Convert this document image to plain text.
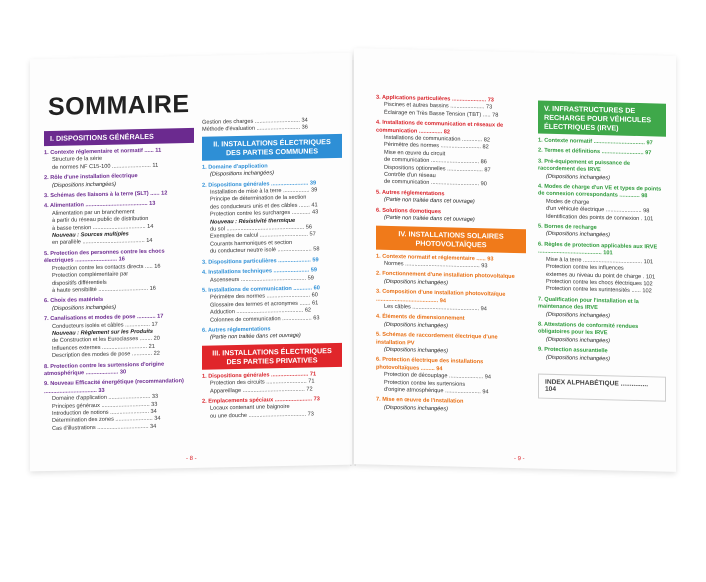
SOMMAIRE
I. DISPOSITIONS GÉNÉRALES
1. Contexte réglementaire et normatif ...... 11
Structure de la série
de normes NF C15-100 ......................... 11
2. Rôle d'une installation électrique
(Dispositions inchangées)
3. Schémas des liaisons à la terre (SLT) ...... 12
4. Alimentation ........................................ 13
Alimentation par un branchement
à partir du réseau public de distribution
à basse tension .................................. 14
Nouveau : Sources multiples
en parallèle ........................................ 14
5. Protection des personnes contre les chocs électriques ........................... 16
Protection contre les contacts directs ..... 16
Protection complémentaire par
dispositifs différentiels
à haute sensibilité ................................ 16
6. Choix des matériels
(Dispositions inchangées)
7. Canalisations et modes de pose ............ 17
Conducteurs isolés et câbles ................ 17
Nouveau : Règlement sur les Produits
de Construction et les Euroclasses ........ 20
Influences externes ............................. 21
Description des modes de pose ............. 22
8. Protection contre les surtensions d'origine atmosphérique ..................... 30
9. Nouveau Efficacité énergétique (recommandation) .................................. 33
Domaine d'application ........................... 33
Principes généraux ............................... 33
Introduction de notions ......................... 34
Détermination des zones ........................ 34
Cas d'illustrations ................................. 34
Gestion des charges ............................. 34
Méthode d'évaluation ............................ 36
II. INSTALLATIONS ÉLECTRIQUES DES PARTIES COMMUNES
1. Domaine d'application
(Dispositions inchangées)
2. Dispositions générales ........................ 39
Installation de mise à la terre ................. 39
Principe de détermination de la section
des conducteurs unis et des câbles ....... 41
Protection contre les surcharges ............ 43
Nouveau : Résistivité thermique
du sol .................................................. 56
Exemples de calcul ............................... 57
Courants harmoniques et section
du conducteur neutre isolé ...................... 58
3. Dispositions particulières ..................... 59
4. Installations techniques ....................... 59
Ascenseurs .......................................... 59
5. Installations de communication ............ 60
Périmètre des normes ............................ 60
Glossaire des termes et acronymes ....... 61
Adduction ........................................... 62
Colonnes de communication ................... 63
6. Autres réglementations
(Partie non traitée dans cet ouvrage)
III. INSTALLATIONS ÉLECTRIQUES DES PARTIES PRIVATIVES
1. Dispositions générales ........................ 71
Protection des circuits .......................... 71
Appareillage ........................................ 72
2. Emplacements spéciaux ........................ 73
Locaux contenant une baignoire
ou une douche ..................................... 73
- 8 -
3. Applications particulières ...................... 73
Piscines et autres bassins ...................... 73
Éclairage en Très Basse Tension (TBT) ..... 78
4. Installations de communication et réseaux de communication ............... 82
Installations de communication ............. 82
Périmètre des normes .......................... 82
Mise en œuvre du circuit
de communication ............................... 86
Dispositions optionnelles ....................... 87
Contrôle d'un réseau
de communication ............................... 90
5. Autres réglementations
(Partie non traitée dans cet ouvrage)
6. Solutions domotiques
(Partie non traitée dans cet ouvrage)
IV. INSTALLATIONS SOLAIRES PHOTOVOLTAÏQUES
1. Contexte normatif et réglementaire ...... 93
Normes ................................................ 93
2. Fonctionnement d'une installation photovoltaïque
(Dispositions inchangées)
3. Composition d'une installation photovoltaïque ........................................ 94
Les câbles ........................................... 94
4. Éléments de dimensionnement
(Dispositions inchangées)
5. Schémas de raccordement électrique d'une installation PV
(Dispositions inchangées)
6. Protection électrique des installations photovoltaïques ......... 94
Protection de découplage ...................... 94
Protection contre les surtensions
d'origine atmosphérique ....................... 94
7. Mise en œuvre de l'installation
(Dispositions inchangées)
V. INFRASTRUCTURES DE RECHARGE POUR VÉHICULES ÉLECTRIQUES (IRVE)
1. Contexte normatif ................................. 97
2. Termes et définitions ........................... 97
3. Pré-équipement et puissance de raccordement des IRVE
(Dispositions inchangées)
4. Modes de charge d'un VE et types de points de connexion correspondants ............. 98
Modes de charge
d'un véhicule électrique ....................... 98
Identification des points de connexion . 101
5. Bornes de recharge
(Dispositions inchangées)
6. Règles de protection applicables aux IRVE ......................................... 101
Mise à la terre ...................................... 101
Protection contre les influences
externes au niveau du point de charge . 101
Protection contre les chocs électriques 102
Protection contre les surintensités ...... 102
7. Qualification pour l'installation et la maintenance des IRVE
(Dispositions inchangées)
8. Attestations de conformité rendues obligatoires pour les IRVE
(Dispositions inchangées)
9. Protection assurantielle
(Dispositions inchangées)
INDEX ALPHABÉTIQUE ............... 104
- 9 -
